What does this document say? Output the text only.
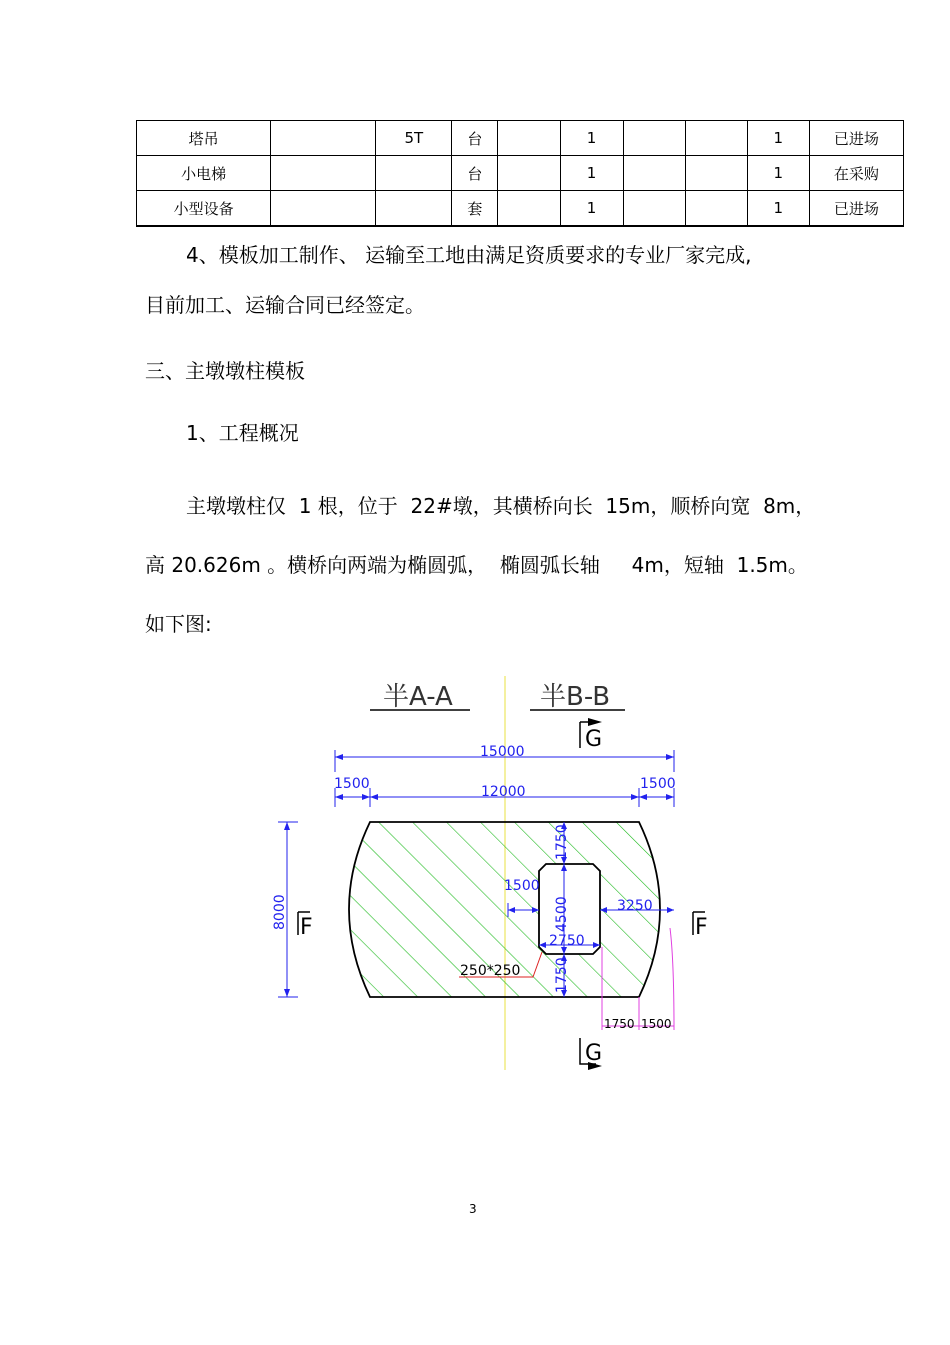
塔吊		5T	台		1			1	已进场
小电梯			台		1			1	在采购
小型设备			套		1			1	已进场

4、模板加工制作、 运输至工地由满足资质要求的专业厂家完成,

目前加工、运输合同已经签定。

三、主墩墩柱模板

1、工程概况

主墩墩柱仅  1 根，位于  22#墩，其横桥向长  15m，顺桥向宽  8m，

高 20.626m 。横桥向两端为椭圆弧，  椭圆弧长轴     4m，短轴  1.5m。

如下图:

半A-A	半B-B
G
G
15000
1500	12000	1500
8000 F	F
1750
4500
1750
1500
3250
2750
250*250
1750 1500
3
